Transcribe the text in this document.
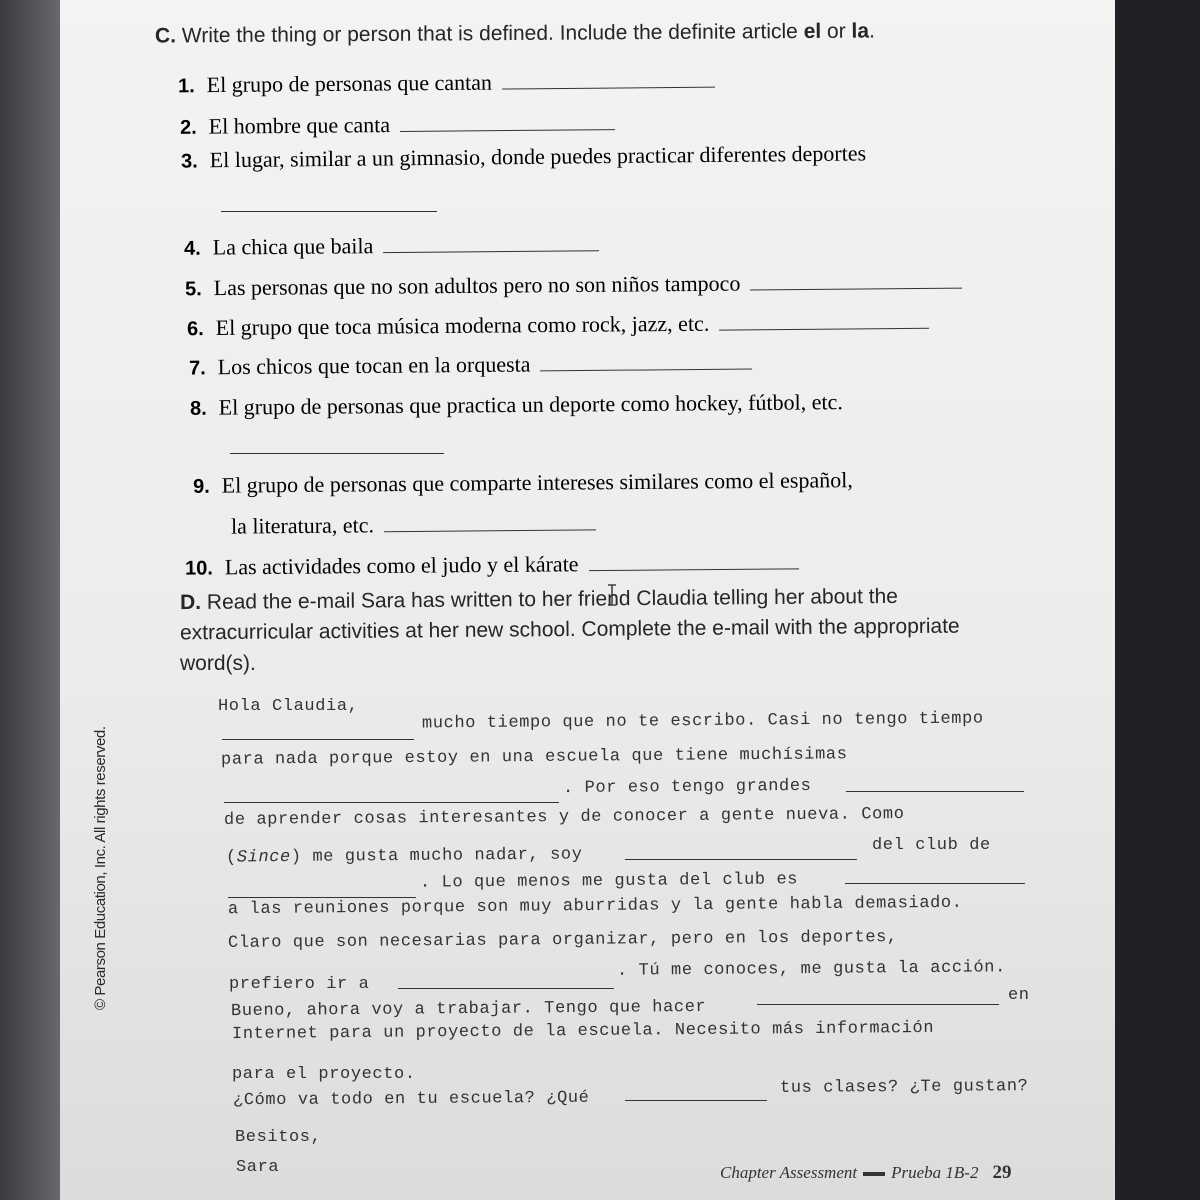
© Pearson Education, Inc. All rights reserved.
C. Write the thing or person that is defined. Include the definite article el or la.
1. El grupo de personas que cantan
2. El hombre que canta
3. El lugar, similar a un gimnasio, donde puedes practicar diferentes deportes
4. La chica que baila
5. Las personas que no son adultos pero no son niños tampoco
6. El grupo que toca música moderna como rock, jazz, etc.
7. Los chicos que tocan en la orquesta
8. El grupo de personas que practica un deporte como hockey, fútbol, etc.
9. El grupo de personas que comparte intereses similares como el español,
la literatura, etc.
10. Las actividades como el judo y el kárate
D. Read the e-mail Sara has written to her friend Claudia telling her about the
extracurricular activities at her new school. Complete the e-mail with the appropriate
word(s).
Hola Claudia,
mucho tiempo que no te escribo. Casi no tengo tiempo
para nada porque estoy en una escuela que tiene muchísimas
. Por eso tengo grandes
de aprender cosas interesantes y de conocer a gente nueva. Como
(Since) me gusta mucho nadar, soy	del club de
. Lo que menos me gusta del club es
a las reuniones porque son muy aburridas y la gente habla demasiado.
Claro que son necesarias para organizar, pero en los deportes,
prefiero ir a
. Tú me conoces, me gusta la acción.
Bueno, ahora voy a trabajar. Tengo que hacer
en
Internet para un proyecto de la escuela. Necesito más información
para el proyecto.
¿Cómo va todo en tu escuela? ¿Qué
tus clases? ¿Te gustan?
Besitos,
Sara	Chapter Assessment Prueba 1B-2 29
